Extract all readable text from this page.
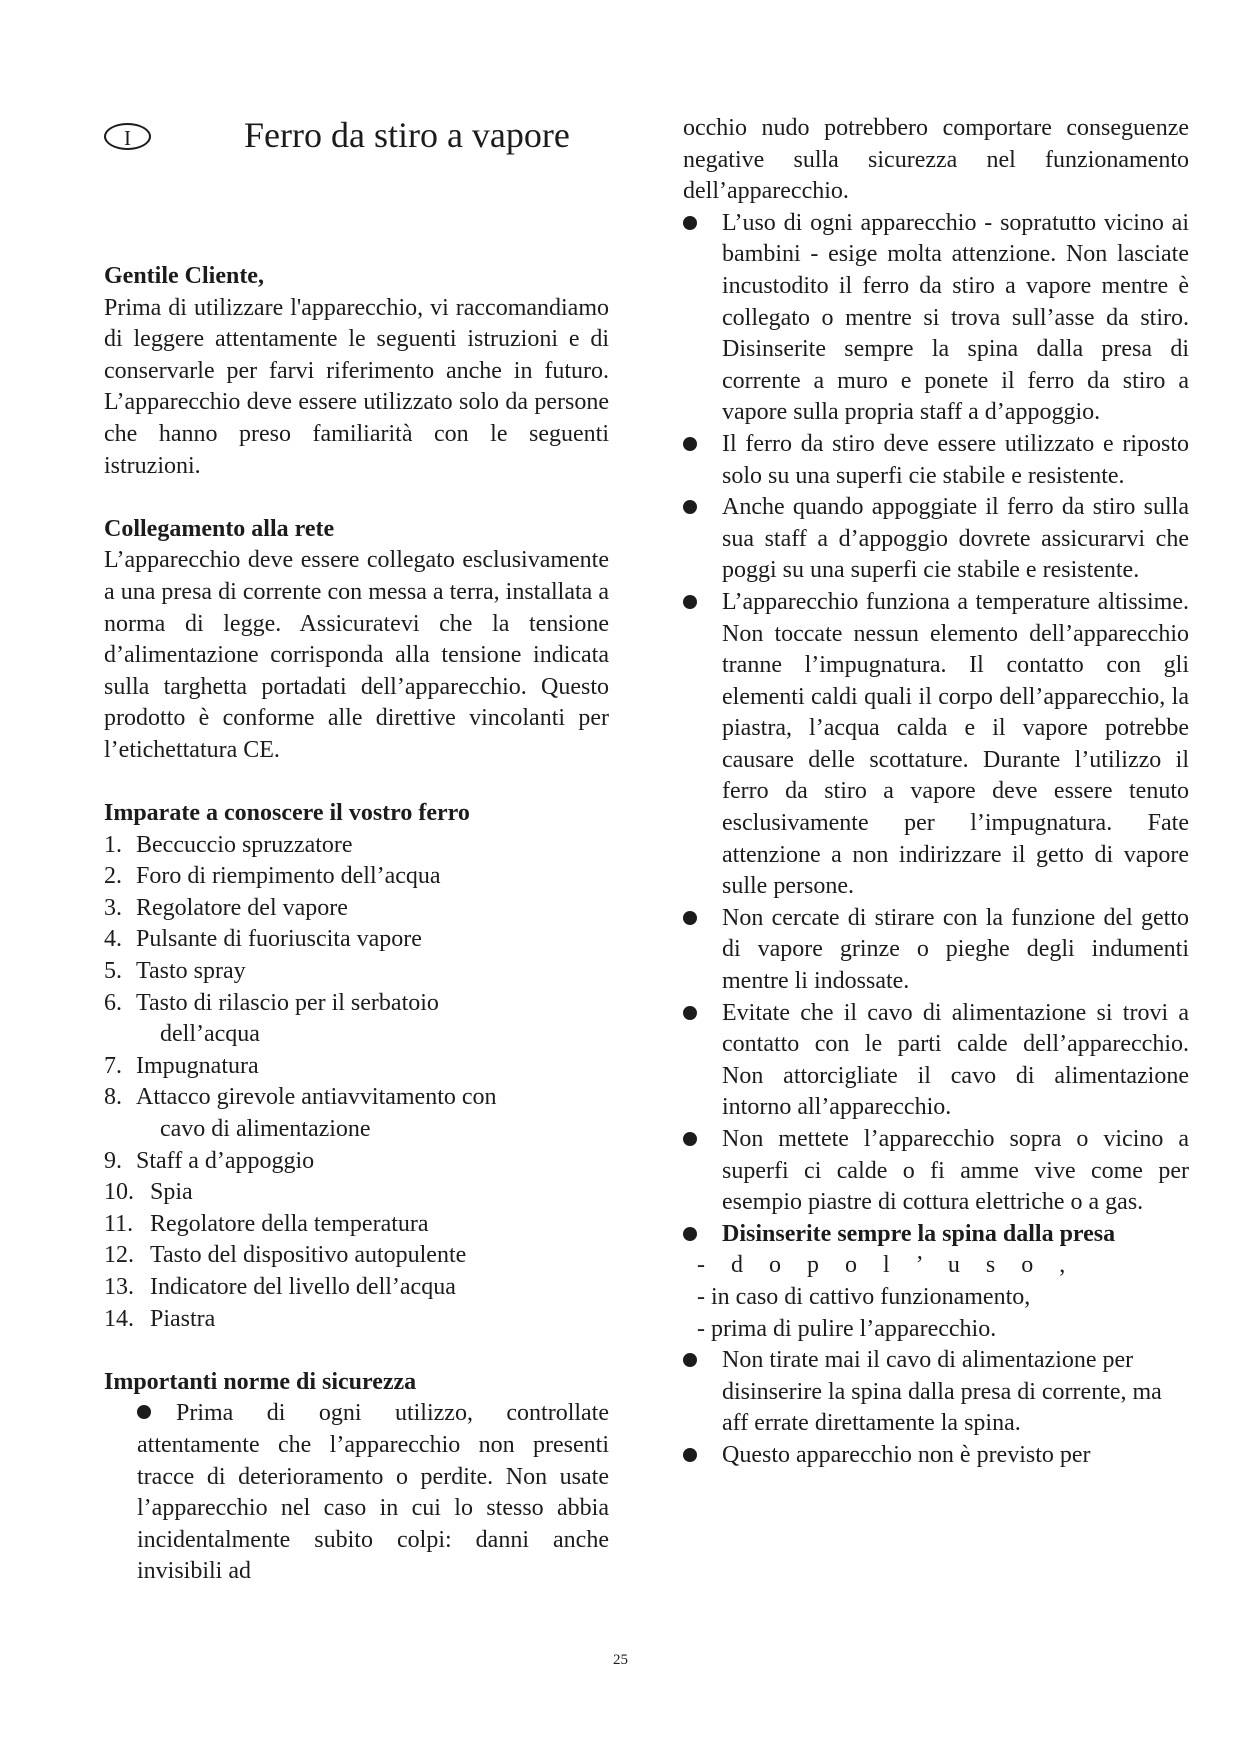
I	Ferro da stiro a vapore
Gentile Cliente,

Prima di utilizzare l'apparecchio, vi raccomandiamo di leggere attentamente le seguenti istruzioni e di conservarle per farvi riferimento anche in futuro. L’apparecchio deve essere utilizzato solo da persone che hanno preso familiarità con le seguenti istruzioni.

Collegamento alla rete

L’apparecchio deve essere collegato esclusivamente a una presa di corrente con messa a terra, installata a norma di legge. Assicuratevi che la tensione d’alimentazione corrisponda alla tensione indicata sulla targhetta portadati dell’apparecchio. Questo prodotto è conforme alle direttive vincolanti per l’etichettatura CE.

Imparate a conoscere il vostro ferro
1. Beccuccio spruzzatore
2. Foro di riempimento dell’acqua
3. Regolatore del vapore
4. Pulsante di fuoriuscita vapore
5. Tasto spray
6. Tasto di rilascio per il serbatoio
dell’acqua
7. Impugnatura
8. Attacco girevole antiavvitamento con
cavo di alimentazione
9. Staff a d’appoggio
10. Spia
11. Regolatore della temperatura
12. Tasto del dispositivo autopulente
13. Indicatore del livello dell’acqua
14. Piastra
Importanti norme di sicurezza

Prima di ogni utilizzo, controllate attentamente che l’apparecchio non presenti tracce di deterioramento o perdite. Non usate l’apparecchio nel caso in cui lo stesso abbia incidentalmente subito colpi: danni anche invisibili ad

occhio nudo potrebbero comportare conseguenze negative sulla sicurezza nel funzionamento dell’apparecchio.

L’uso di ogni apparecchio - sopratutto vicino ai bambini - esige molta attenzione. Non lasciate incustodito il ferro da stiro a vapore mentre è collegato o mentre si trova sull’asse da stiro. Disinserite sempre la spina dalla presa di corrente a muro e ponete il ferro da stiro a vapore sulla propria staff a d’appoggio.
Il ferro da stiro deve essere utilizzato e riposto solo su una superfi cie stabile e resistente.
Anche quando appoggiate il ferro da stiro sulla sua staff a d’appoggio dovrete assicurarvi che poggi su una superfi cie stabile e resistente.
L’apparecchio funziona a temperature altissime. Non toccate nessun elemento dell’apparecchio tranne l’impugnatura. Il contatto con gli elementi caldi quali il corpo dell’apparecchio, la piastra, l’acqua calda e il vapore potrebbe causare delle scottature. Durante l’utilizzo il ferro da stiro a vapore deve essere tenuto esclusivamente per l’impugnatura. Fate attenzione a non indirizzare il getto di vapore sulle persone.
Non cercate di stirare con la funzione del getto di vapore grinze o pieghe degli indumenti mentre li indossate.
Evitate che il cavo di alimentazione si trovi a contatto con le parti calde dell’apparecchio. Non attorcigliate il cavo di alimentazione intorno all’apparecchio.
Non mettete l’apparecchio sopra o vicino a superfi ci calde o fi amme vive come per esempio piastre di cottura elettriche o a gas.
Disinserite sempre la spina dalla presa
- d o p o l ’ u s o ,
- in caso di cattivo funzionamento,
- prima di pulire l’apparecchio.
Non tirate mai il cavo di alimentazione per disinserire la spina dalla presa di corrente, ma aff errate direttamente la spina.
Questo apparecchio non è previsto per
25
